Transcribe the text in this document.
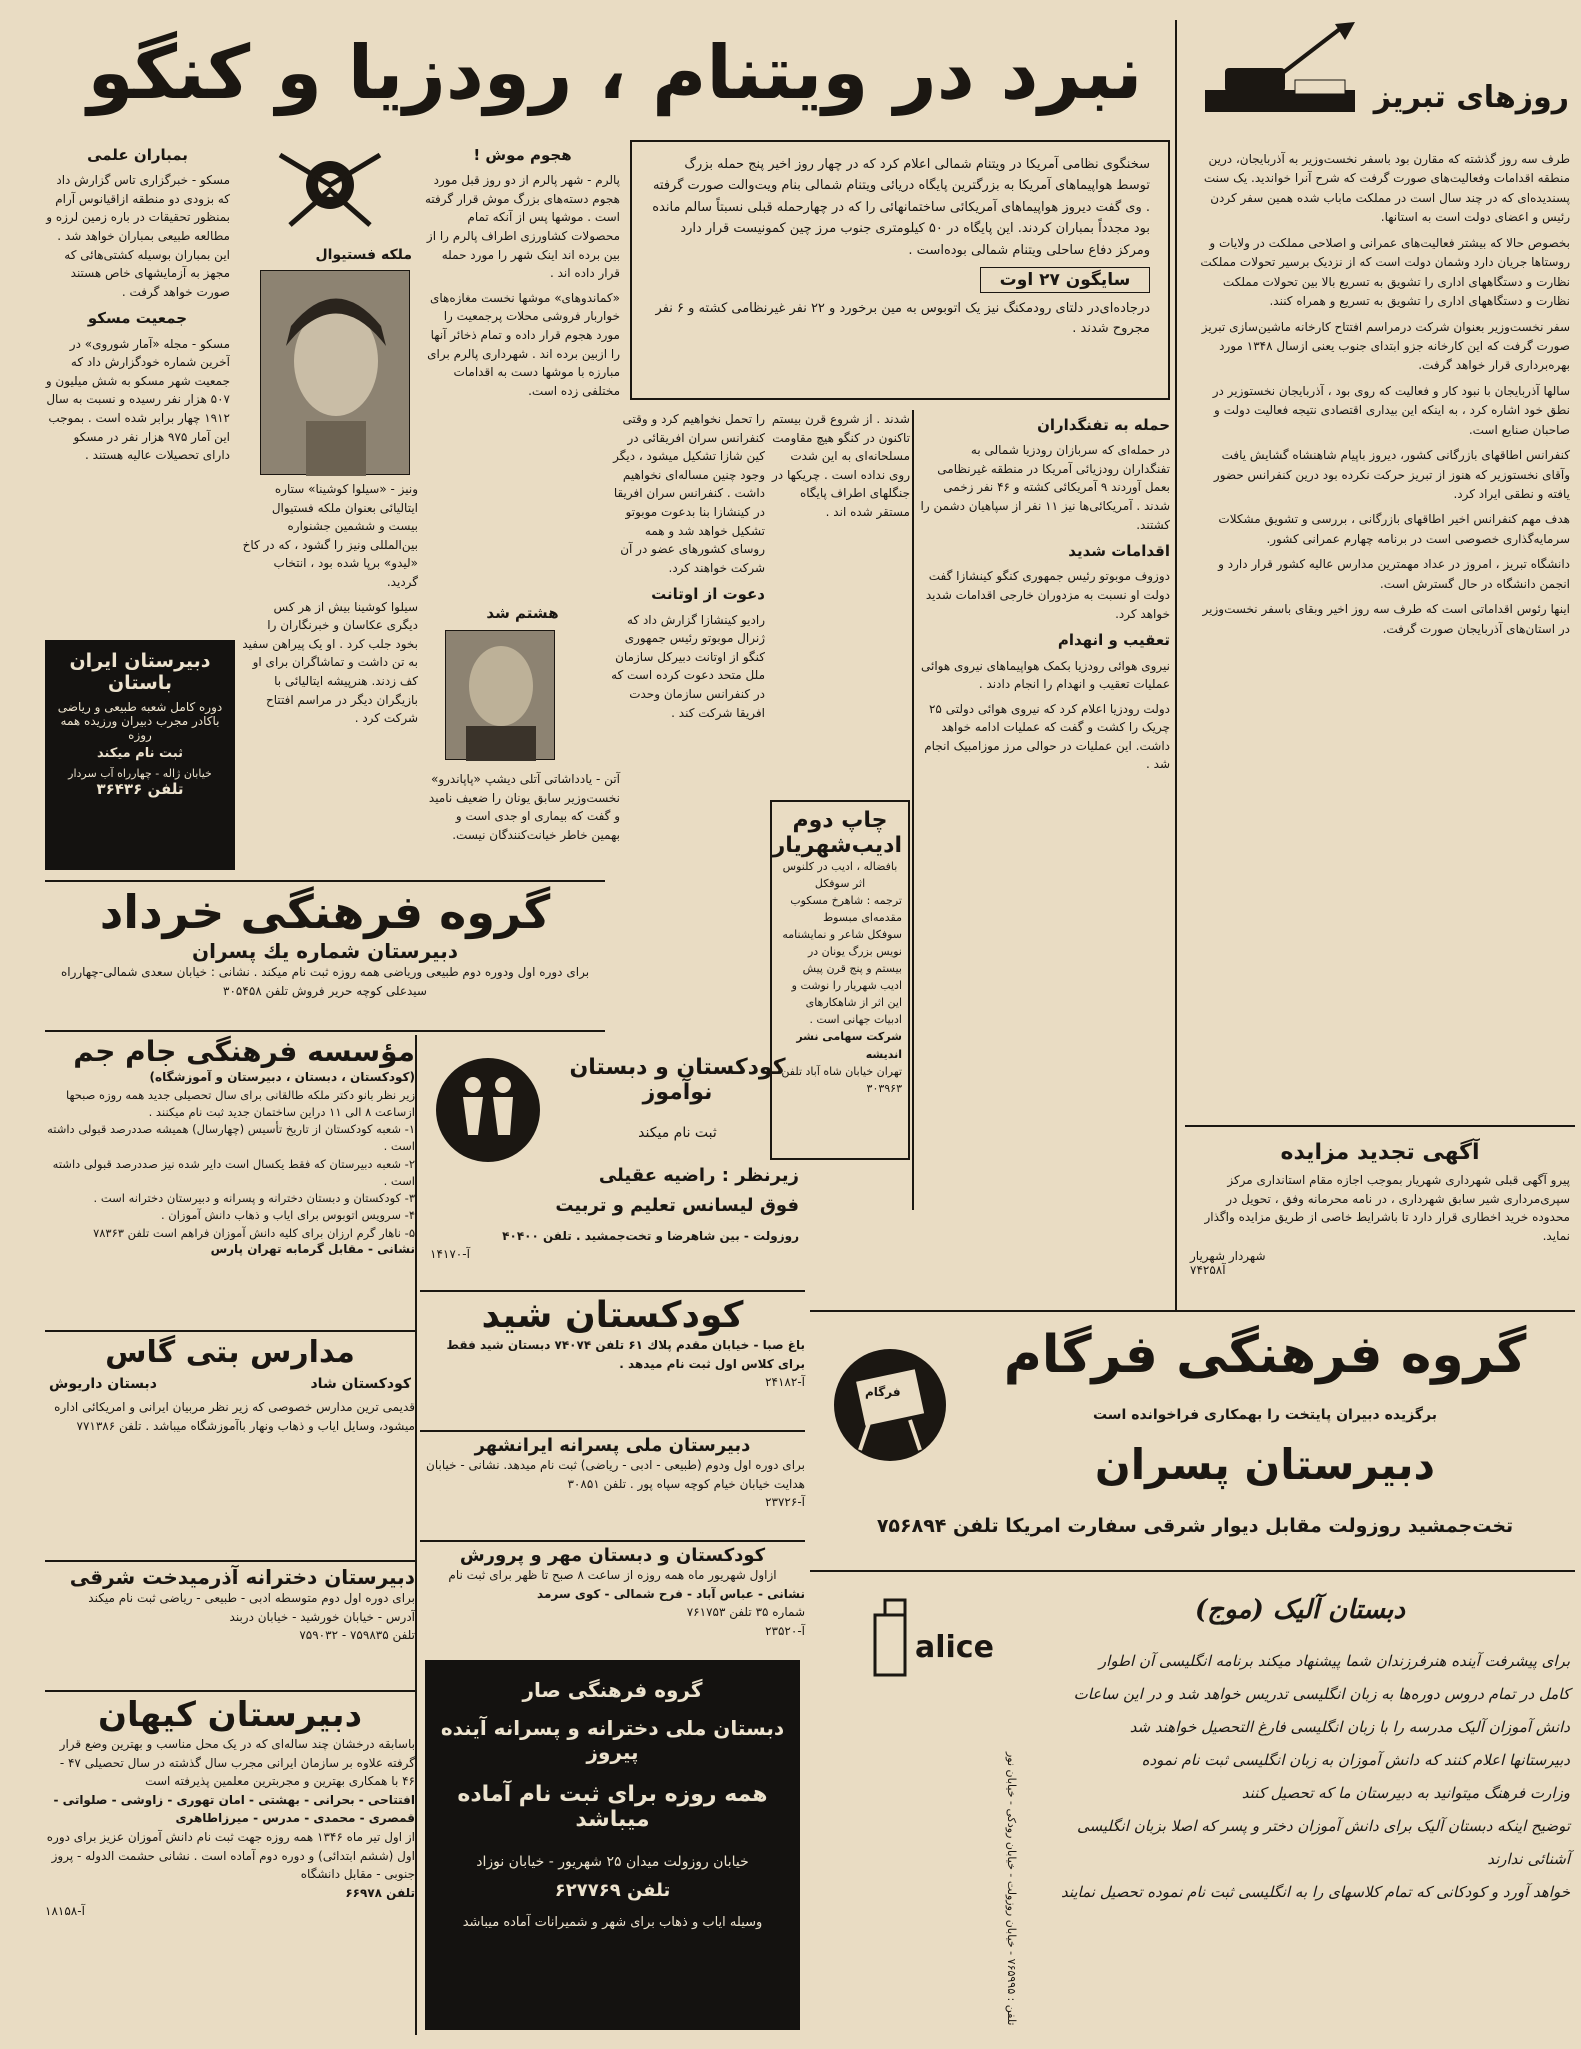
روزهای تبریز

طرف سه روز گذشته که مقارن بود باسفر نخست‌وزیر به آذربایجان، درین منطقه اقدامات وفعالیت‌های صورت گرفت که شرح آنرا خواندید. یک سنت پسندیده‌ای که در چند سال است در مملکت ماباب شده همین سفر کردن رئیس و اعضای دولت است به استانها.

بخصوص حالا که بیشتر فعالیت‌های عمرانی و اصلاحی مملکت در ولایات و روستاها جریان دارد وشمان دولت است که از نزدیک برسیر تحولات مملکت نظارت و دستگاههای اداری را تشویق به تسریع بالا بین تحولات مملکت نظارت و دستگاههای اداری را تشویق به تسریع و همراه کنند.

سفر نخست‌وزیر بعنوان شرکت درمراسم افتتاح کارخانه ماشین‌سازی تبریز صورت گرفت که این کارخانه جزو ابتدای جنوب یعنی ازسال ۱۳۴۸ مورد بهره‌برداری قرار خواهد گرفت.

سالها آذربایجان با نبود کار و فعالیت که روی بود ، آذربایجان نخستوزیر در نطق خود اشاره کرد ، به اینکه این بیداری اقتصادی نتیجه فعالیت دولت و صاحبان صنایع است.

کنفرانس اطاقهای بازرگانی کشور، دیروز باپیام شاهنشاه گشایش یافت وآقای نخستوزیر که هنوز از تبریز حرکت نکرده بود درین کنفرانس حضور یافته و نطقی ایراد کرد.

هدف مهم کنفرانس اخیر اطاقهای بازرگانی ، بررسی و تشویق مشکلات سرمایه‌گذاری خصوصی است در برنامه چهارم عمرانی کشور.

دانشگاه تبریز ، امروز در عداد مهمترین مدارس عالیه کشور قرار دارد و انجمن دانشگاه در حال گسترش است.

اینها رئوس اقداماتی است که طرف سه روز اخیر وبقای باسفر نخست‌وزیر در استان‌های آذربایجان صورت گرفت.

آگهی تجدید مزایده
پیرو آگهی قبلی شهرداری شهریار بموجب اجازه مقام استانداری مرکز سپری‌مرداری شیر سابق شهرداری ، در نامه محرمانه وفق ، تحویل در محدوده خرید اخطاری قرار دارد تا باشرایط خاصی از طریق مزایده واگذار نماید.
شهردار شهریار
آ۷۴۲۵۸
نبرد در ویتنام ، رودزیا و کنگو
سخنگوی نظامی آمریکا در ویتنام شمالی اعلام کرد که در چهار روز اخیر پنج حمله بزرگ توسط هواپیماهای آمریکا به بزرگترین پایگاه دریائی ویتنام شمالی بنام ویت‌والت صورت گرفته . وی گفت دیروز هواپیماهای آمریکائی ساختمانهائی را که در چهارحمله قبلی نسبتاً سالم مانده بود مجدداً بمباران کردند. این پایگاه در ۵۰ کیلومتری جنوب مرز چین کمونیست قرار دارد ومرکز دفاع ساحلی ویتنام شمالی بوده‌است .
سایگون ۲۷ اوت
درجاده‌ای‌در دلتای رودمکنگ نیز یک اتوبوس به مین برخورد و ۲۲ نفر غیرنظامی کشته و ۶ نفر مجروح شدند .
بمباران علمی

مسکو - خبرگزاری تاس گزارش داد که بزودی دو منطقه ازاقیانوس آرام بمنظور تحقیقات در باره زمین لرزه و مطالعه طبیعی بمباران خواهد شد . این بمباران بوسیله کشتی‌هائی که مجهز به آزمایشهای خاص هستند صورت خواهد گرفت .

جمعیت مسکو

مسکو - مجله «آمار شوروی» در آخرین شماره خودگزارش داد که جمعیت شهر مسکو به شش میلیون و ۵۰۷ هزار نفر رسیده و نسبت به سال ۱۹۱۲ چهار برابر شده است . بموجب این آمار ۹۷۵ هزار نفر در مسکو دارای تحصیلات عالیه هستند .

ملکه فستیوال

ونیز - «سیلوا کوشینا» ستاره ایتالیائی بعنوان ملکه فستیوال بیست و ششمین جشنواره بین‌المللی ونیز را گشود ، که در کاخ «لیدو» برپا شده بود ، انتخاب گردید.

سیلوا کوشینا بیش از هر کس دیگری عکاسان و خبرنگاران را بخود جلب کرد . او یک پیراهن سفید به تن داشت و تماشاگران برای او کف زدند. هنرپیشه ایتالیائی با بازیگران دیگر در مراسم افتتاح شرکت کرد .

هجوم موش !

پالرم - شهر پالرم از دو روز قبل مورد هجوم دسته‌های بزرگ موش قرار گرفته است . موشها پس از آنکه تمام محصولات کشاورزی اطراف پالرم را از بین برده اند اینک شهر را مورد حمله قرار داده اند .

«کماندوهای» موشها نخست مغازه‌های خواربار فروشی محلات پرجمعیت را مورد هجوم قرار داده و تمام ذخائر آنها را ازبین برده اند . شهرداری پالرم برای مبارزه با موشها دست به اقدامات مختلفی زده است.

هشتم شد
آتن - یادداشاتی آتلی دیشپ «پاپاندرو» نخست‌وزیر سابق یونان را ضعیف نامید و گفت که بیماری او جدی است و بهمین خاطر خیانت‌کنندگان نیست.
دبیرستان ایران باستان
دوره کامل شعبه طبیعی و ریاضی
باکادر مجرب دبیران ورزیده همه روزه
ثبت نام میکند
خیابان ژاله - چهارراه آب سردار
تلفن ۳۶۴۳۶
حمله به تفنگداران

در حمله‌ای که سربازان رودزیا شمالی به تفنگداران رودزیائی آمریکا در منطقه غیرنظامی بعمل آوردند ۹ آمریکائی کشته و ۴۶ نفر زخمی شدند . آمریکائی‌ها نیز ۱۱ نفر از سپاهیان دشمن را کشتند.

اقدامات شدید

دوزوف موبوتو رئیس جمهوری کنگو کینشازا گفت دولت او نسبت به مزدوران خارجی اقدامات شدید خواهد کرد.

تعقیب و انهدام

نیروی هوائی رودزیا بکمک هواپیماهای نیروی هوائی عملیات تعقیب و انهدام را انجام دادند .

دولت رودزیا اعلام کرد که نیروی هوائی دولتی ۲۵ چریک را کشت و گفت که عملیات ادامه خواهد داشت. این عملیات در حوالی مرز موزامبیک انجام شد .

شدند . از شروع قرن بیستم تاکنون در کنگو هیچ مقاومت مسلحانه‌ای به این شدت روی نداده است . چریکها در جنگلهای اطراف پایگاه مستقر شده اند .

را تحمل نخواهیم کرد و وقتی کنفرانس سران افریقائی در کین شازا تشکیل میشود ، دیگر وجود چنین مساله‌ای نخواهیم داشت . کنفرانس سران افریقا در کینشازا بنا بدعوت موبوتو تشکیل خواهد شد و همه روسای کشورهای عضو در آن شرکت خواهند کرد.

دعوت از اوتانت

رادیو کینشازا گزارش داد که ژنرال موبوتو رئیس جمهوری کنگو از اوتانت دبیرکل سازمان ملل متحد دعوت کرده است که در کنفرانس سازمان وحدت افریقا شرکت کند .

چاپ دوم
ادیب‌شهریار
بافضاله ، ادیب در کلنوس
اثر سوفکل
ترجمه : شاهرخ مسکوب
مقدمه‌ای مبسوط
سوفکل شاعر و نمایشنامه نویس بزرگ یونان در بیستم و پنج قرن پیش ادیب شهریار را نوشت و این اثر از شاهکارهای ادبیات جهانی است .
شرکت سهامی نشر اندیشه
تهران خیابان شاه آباد تلفن
۳۰۳۹۶۳
گروه فرهنگی خرداد
دبیرستان شماره یك پسران
برای دوره اول ودوره دوم طبیعی وریاضی همه روزه ثبت نام میکند . نشانی : خیابان سعدی شمالی-چهارراه سیدعلی کوچه حریر فروش تلفن ۳۰۵۴۵۸
مؤسسه فرهنگی جام جم
(کودکستان ، دبستان ، دبیرستان و آموزشگاه)
زیر نظر بانو دکتر ملکه طالقانی برای سال تحصیلی جدید همه روزه صبحها ازساعت ۸ الی ۱۱ دراین ساختمان جدید ثبت نام میکنند .
۱- شعبه کودکستان از تاریخ تأسیس (چهارسال) همیشه صددرصد قبولی داشته است .
۲- شعبه دبیرستان که فقط یکسال است دایر شده نیز صددرصد قبولی داشته است .
۳- کودکستان و دبستان دخترانه و پسرانه و دبیرستان دخترانه است .
۴- سرویس اتوبوس برای ایاب و ذهاب دانش آموزان .
۵- ناهار گرم ارزان برای کلیه دانش آموزان فراهم است تلفن ۷۸۳۶۳
نشانی - مقابل گرمابه تهران پارس
کودکستان و دبستان نوآموز
ثبت نام میکند
زیرنظر : راضیه عقیلی
فوق لیسانس تعلیم و تربیت
روزولت - بین شاهرضا و تخت‌جمشید . تلفن ۴۰۴۰۰
آ-۱۴۱۷۰
مدارس بتی گاس
کودکستان شاد
دبستان داریوش
قدیمی ترین مدارس خصوصی که زیر نظر مربیان ایرانی و امریکائی اداره میشود، وسایل ایاب و ذهاب ونهار باآموزشگاه میباشد . تلفن ۷۷۱۳۸۶
دبیرستان دخترانه آذرمیدخت شرقی
برای دوره اول دوم متوسطه ادبی - طبیعی - ریاضی ثبت نام میکند
آدرس - خیابان خورشید - خیابان دربند
تلفن ۷۵۹۸۳۵ - ۷۵۹۰۳۲
دبیرستان کیهان
باسابقه درخشان چند ساله‌ای که در یک محل مناسب و بهترین وضع قرار گرفته علاوه بر سازمان ایرانی مجرب سال گذشته در سال تحصیلی ۴۷ - ۴۶ با همکاری بهترین و مجربترین معلمین پذیرفته است
افتتاحی - بحرانی - بهشتی - امان تهوری - زاوشی - صلواتی - قمصری - محمدی - مدرس - میرزاطاهری
از اول تیر ماه ۱۳۴۶ همه روزه جهت ثبت نام دانش آموزان عزیز برای دوره اول (ششم ابتدائی) و دوره دوم آماده است . نشانی حشمت الدوله - پروز جنوبی - مقابل دانشگاه
تلفن ۶۶۹۷۸
آ-۱۸۱۵۸
کودکستان شید
باغ صبا - خیابان مقدم پلاك ۶۱ تلفن ۷۴۰۷۴ دبستان شید فقط برای کلاس اول ثبت نام میدهد .
آ-۲۴۱۸۲
دبیرستان ملی پسرانه ایرانشهر
برای دوره اول ودوم (طبیعی - ادبی - ریاضی) ثبت نام میدهد. نشانی - خیابان هدایت خیابان خیام کوچه سپاه پور . تلفن ۳۰۸۵۱
آ-۲۳۷۲۶
کودکستان و دبستان مهر و پرورش
ازاول شهریور ماه همه روزه از ساعت ۸ صبح تا ظهر برای ثبت نام
نشانی - عباس آباد - فرح شمالی - کوی سرمد
شماره ۳۵ تلفن ۷۶۱۷۵۳
آ-۲۳۵۲۰
گروه فرهنگی صار
دبستان ملی دخترانه و پسرانه آینده پیروز
همه روزه برای ثبت نام آماده میباشد
خیابان روزولت میدان ۲۵ شهریور - خیابان نوزاد
تلفن ۶۲۷۷۶۹
وسیله ایاب و ذهاب برای شهر و شمیرانات آماده میباشد
فرگام
گروه فرهنگی فرگام
برگزیده دبیران پایتخت را بهمکاری فراخوانده است
دبیرستان پسران
تخت‌جمشید روزولت مقابل دیوار شرقی سفارت امریکا تلفن ۷۵۶۸۹۴
alice
تلفن : ۷۶۵۹۹۵ - خیابان روزولت - خیابان رودکی - خیابان نور
دبستان آلیک (موج)
برای پیشرفت آینده هنرفرزندان شما پیشنهاد میکند برنامه انگلیسی آن اطوار
کامل در تمام دروس دوره‌ها به زبان انگلیسی تدریس خواهد شد و در این ساعات
دانش آموزان آلیک مدرسه را با زبان انگلیسی فارغ التحصیل خواهند شد
دبیرستانها اعلام کنند که دانش آموزان به زبان انگلیسی ثبت نام نموده
وزارت فرهنگ میتوانید به دبیرستان ما که تحصیل کنند
توضیح اینکه دبستان آلیک برای دانش آموزان دختر و پسر که اصلا بزبان انگلیسی آشنائی ندارند
خواهد آورد و کودکانی که تمام کلاسهای را به انگلیسی ثبت نام نموده تحصیل نمایند
